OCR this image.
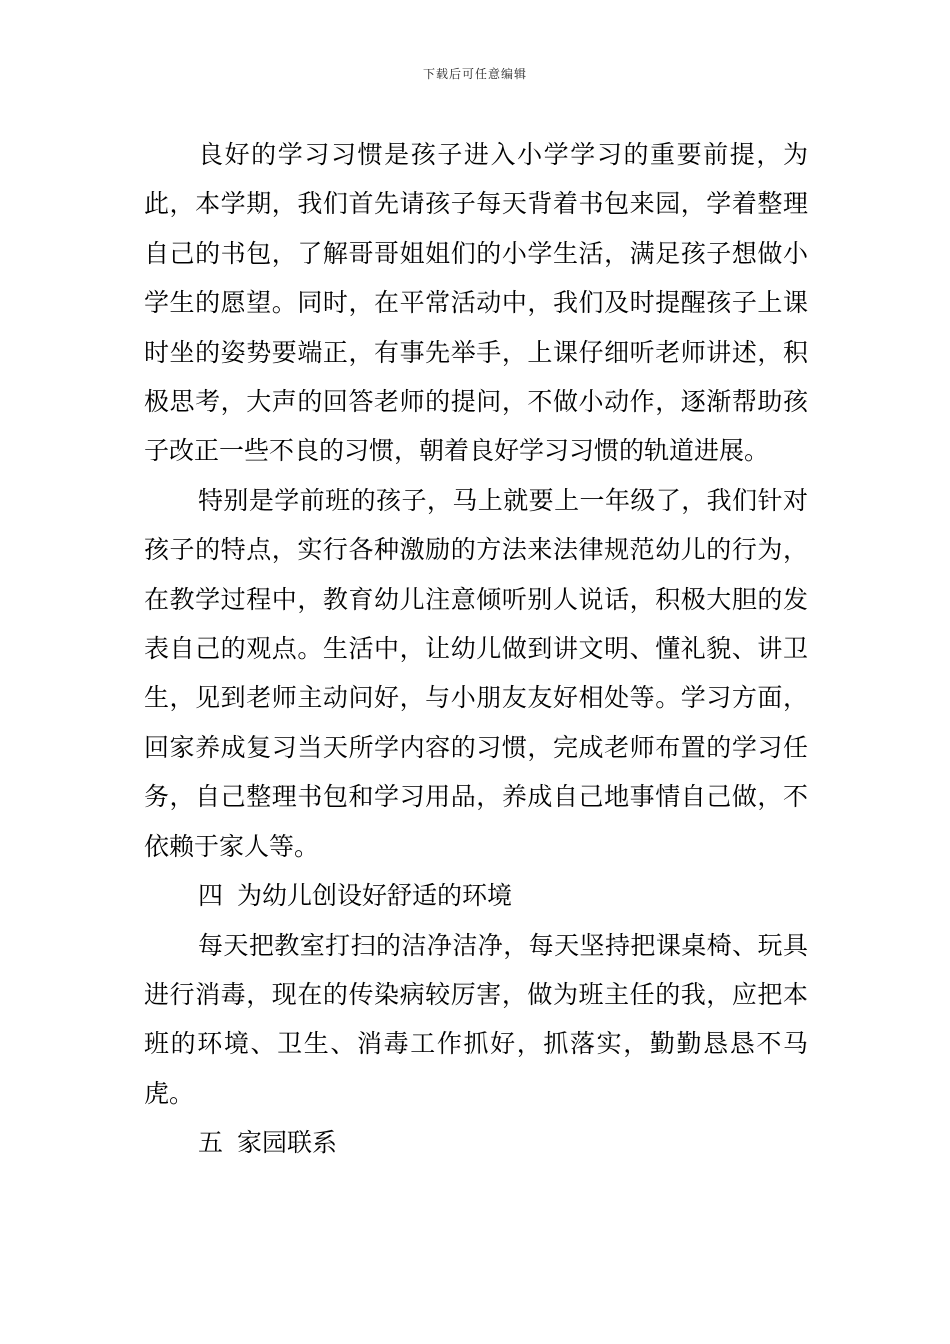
下载后可任意编辑

良好的学习习惯是孩子进入小学学习的重要前提，为此，本学期，我们首先请孩子每天背着书包来园，学着整理自己的书包，了解哥哥姐姐们的小学生活，满足孩子想做小学生的愿望。同时，在平常活动中，我们及时提醒孩子上课时坐的姿势要端正，有事先举手，上课仔细听老师讲述，积极思考，大声的回答老师的提问，不做小动作，逐渐帮助孩子改正一些不良的习惯，朝着良好学习习惯的轨道进展。

特别是学前班的孩子，马上就要上一年级了，我们针对孩子的特点，实行各种激励的方法来法律规范幼儿的行为，在教学过程中，教育幼儿注意倾听别人说话，积极大胆的发表自己的观点。生活中，让幼儿做到讲文明、懂礼貌、讲卫生，见到老师主动问好，与小朋友友好相处等。学习方面，回家养成复习当天所学内容的习惯，完成老师布置的学习任务，自己整理书包和学习用品，养成自己地事情自己做，不依赖于家人等。

四 为幼儿创设好舒适的环境

每天把教室打扫的洁净洁净，每天坚持把课桌椅、玩具进行消毒，现在的传染病较厉害，做为班主任的我，应把本班的环境、卫生、消毒工作抓好，抓落实，勤勤恳恳不马虎。

五 家园联系
